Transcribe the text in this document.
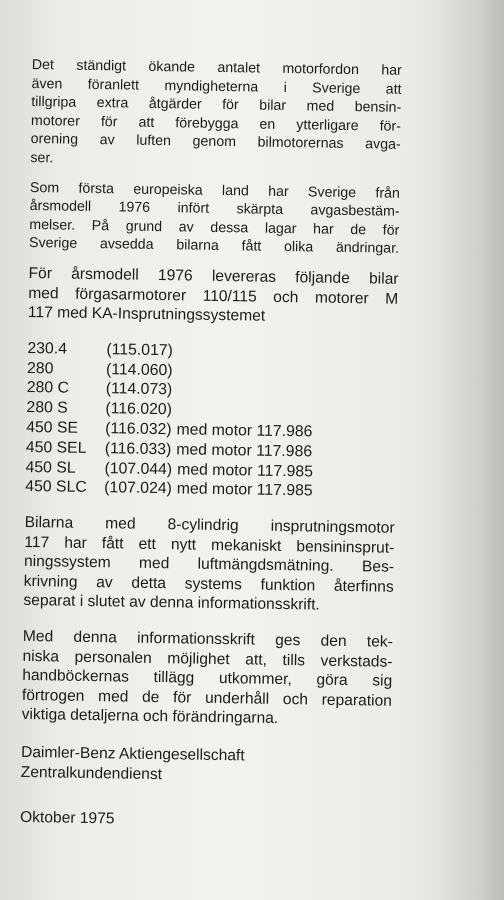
Det ständigt ökande antalet motorfordon har
även föranlett myndigheterna i Sverige att
tillgripa extra åtgärder för bilar med bensin-
motorer för att förebygga en ytterligare för-
orening av luften genom bilmotorernas avga-
ser.
Som första europeiska land har Sverige från
årsmodell 1976 infört skärpta avgasbestäm-
melser. På grund av dessa lagar har de för
Sverige avsedda bilarna fått olika ändringar.
För årsmodell 1976 levereras följande bilar
med förgasarmotorer 110/115 och motorer M
117 med KA-Insprutningssystemet
230.4	(115.017)
280	(114.060)
280 C	(114.073)
280 S	(116.020)
450 SE	(116.032) med motor 117.986
450 SEL	(116.033) med motor 117.986
450 SL	(107.044) med motor 117.985
450 SLC	(107.024) med motor 117.985
Bilarna med 8-cylindrig insprutningsmotor
117 har fått ett nytt mekaniskt bensininsprut-
ningssystem med luftmängdsmätning. Bes-
krivning av detta systems funktion återfinns
separat i slutet av denna informationsskrift.
Med denna informationsskrift ges den tek-
niska personalen möjlighet att, tills verkstads-
handböckernas tillägg utkommer, göra sig
förtrogen med de för underhåll och reparation
viktiga detaljerna och förändringarna.
Daimler-Benz Aktiengesellschaft
Zentralkundendienst
Oktober 1975
